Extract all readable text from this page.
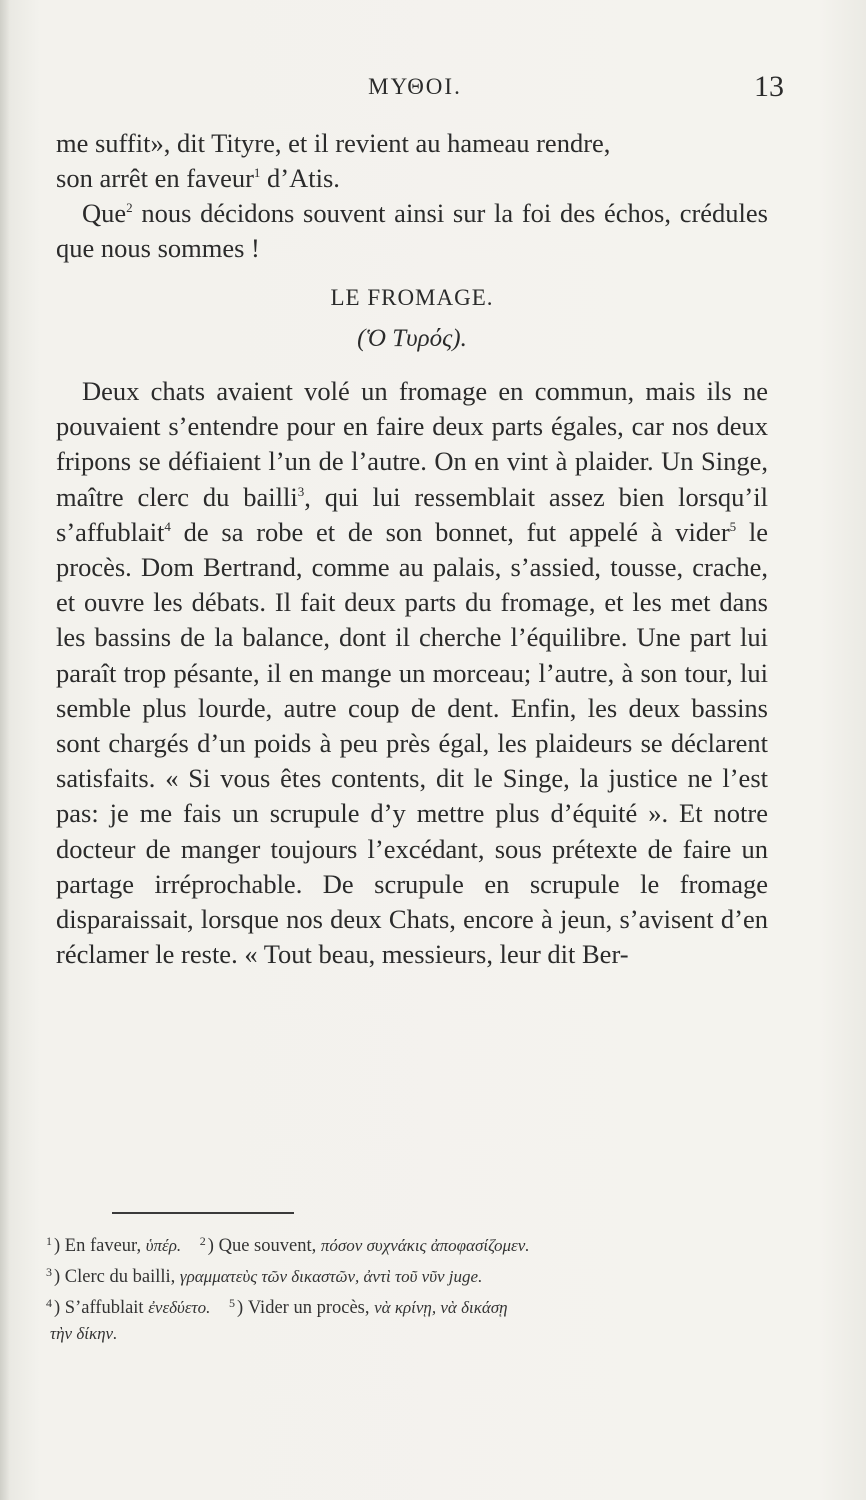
ΜΥΘΟΙ.	13

me suffit», dit Tityre, et il revient au hameau rendre,
son arrêt en faveur$^1$ d’Atis.

Que$^2$ nous décidons souvent ainsi sur la foi des échos, crédules que nous sommes !

LE FROMAGE.
(Ὁ Τυρός).

Deux chats avaient volé un fromage en commun, mais ils ne pouvaient s’entendre pour en faire deux parts égales, car nos deux fripons se défiaient l’un de l’autre. On en vint à plaider. Un Singe, maître clerc du bailli$^3$, qui lui ressemblait assez bien lorsqu’il s’affublait$^4$ de sa robe et de son bonnet, fut appelé à vider$^5$ le procès. Dom Bertrand, comme au palais, s’assied, tousse, crache, et ouvre les débats. Il fait deux parts du fromage, et les met dans les bassins de la balance, dont il cherche l’équilibre. Une part lui paraît trop pésante, il en mange un morceau; l’autre, à son tour, lui semble plus lourde, autre coup de dent. Enfin, les deux bassins sont chargés d’un poids à peu près égal, les plaideurs se déclarent satisfaits. « Si vous êtes contents, dit le Singe, la justice ne l’est pas: je me fais un scrupule d’y mettre plus d’équité ». Et notre docteur de manger toujours l’excédant, sous prétexte de faire un partage irréprochable. De scrupule en scrupule le fromage disparaissait, lorsque nos deux Chats, encore à jeun, s’avisent d’en réclamer le reste. « Tout beau, messieurs, leur dit Ber-

$^1$ ) En faveur, ὑπέρ. $^2$ ) Que souvent, πόσον συχνάκις ἀποφασίζομεν.
$^3$ ) Clerc du bailli, γραμματεὺς τῶν δικαστῶν, ἀντὶ τοῦ νῦν juge.
$^4$ ) S’affublait ἐνεδύετο. $^5$ ) Vider un procès, νὰ κρίνῃ, νὰ δικάσῃ
τὴν δίκην.
